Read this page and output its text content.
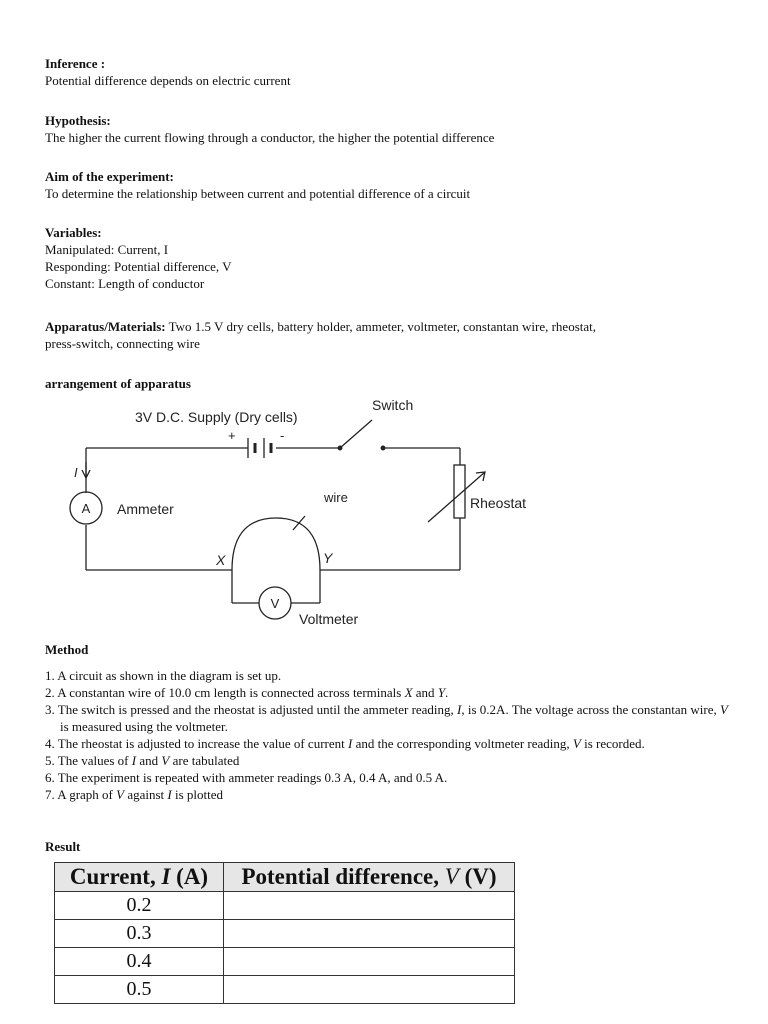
Inference :
Potential difference depends on electric current
Hypothesis:
The higher the current flowing through a conductor, the higher the potential difference
Aim of the experiment:
To determine the relationship between current and potential difference of a circuit
Variables:
Manipulated: Current, I
Responding: Potential difference, V
Constant: Length of conductor
Apparatus/Materials: Two 1.5 V dry cells, battery holder, ammeter, voltmeter, constantan wire, rheostat,
press-switch, connecting wire
arrangement of apparatus
3V D.C. Supply (Dry cells)
+	-
Switch
I
A Ammeter
wire	Rheostat
X	Y
V
Voltmeter
Method
1. A circuit as shown in the diagram is set up.
2. A constantan wire of 10.0 cm length is connected across terminals X and Y.
3. The switch is pressed and the rheostat is adjusted until the ammeter reading, I, is 0.2A. The voltage across the constantan wire, V is measured using the voltmeter.
4. The rheostat is adjusted to increase the value of current I and the corresponding voltmeter reading, V is recorded.
5. The values of I and V are tabulated
6. The experiment is repeated with ammeter readings 0.3 A, 0.4 A, and 0.5 A.
7. A graph of V against I is plotted
Result
Current, I (A)	Potential difference, V (V)
0.2	
0.3	
0.4	
0.5	
